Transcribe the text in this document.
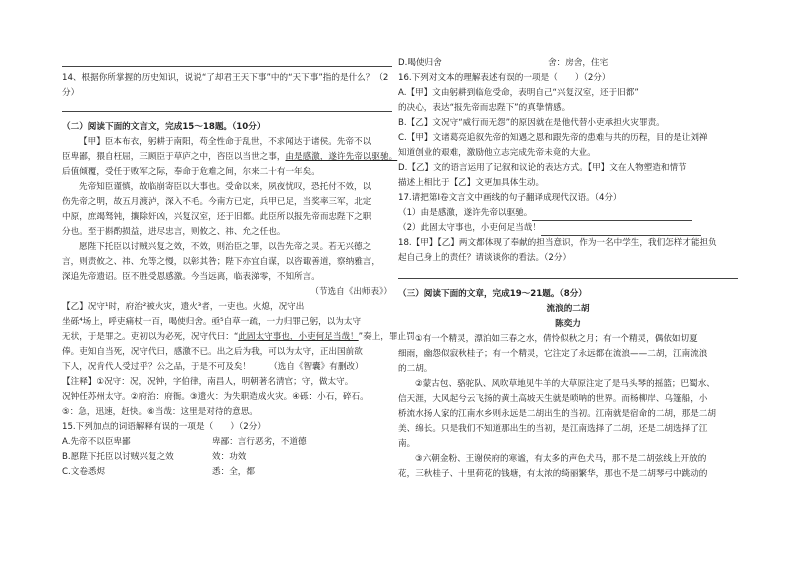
14、根据你所掌握的历史知识，说说“了却君王天下事”中的“天下事”指的是什么？（2分）

（二）阅读下面的文言文，完成15～18题。（10分）

【甲】臣本布衣，躬耕于南阳，苟全性命于乱世，不求闻达于诸侯。先帝不以

臣卑鄙，猥自枉屈，三顾臣于草庐之中，咨臣以当世之事，由是感激，遂许先帝以驱驰。

后值倾覆，受任于败军之际，奉命于危难之间，尔来二十有一年矣。

先帝知臣谨慎，故临崩寄臣以大事也。受命以来，夙夜忧叹，恐托付不效，以

伤先帝之明，故五月渡泸，深入不毛。今南方已定，兵甲已足，当奖率三军，北定

中原，庶竭驽钝，攘除奸凶，兴复汉室，还于旧都。此臣所以报先帝而忠陛下之职

分也。至于斟酌损益，进尽忠言，则攸之、祎、允之任也。

愿陛下托臣以讨贼兴复之效，不效，则治臣之罪，以告先帝之灵。若无兴德之

言，则责攸之、祎、允等之慢，以彰其咎；陛下亦宜自谋，以咨诹善道，察纳雅言，

深追先帝遗诏。臣不胜受恩感激。今当远离，临表涕零，不知所言。

（节选自《出师表》）

【乙】况守¹时，府治²被火灾，遗火³者，一吏也。火熄，况守出

坐砾⁴场上，呼吏痛杖一百，喝使归舍。亟⁵自草一疏，一力归罪己躬，以为太守

无状，于是罪之。吏初以为必死，况守代曰：“此固太守事也，小吏何足当哉！”奏上，罪止罚

俸。吏知自当死，况守代曰，感激不已。出之后为我，可以为太守，正出国前欲

下人，况肯代人受过乎？公之品，于是不可及矣！ （选自《智囊》有删改）

【注释】①况守：况，况钟，字伯律，南昌人，明朝著名清官；守，做太守。

况钟任苏州太守。②府治：府衙。③遗火：为失职造成火灾。④砾：小石，碎石。

⑤：急，迅速，赶快。⑥当哉：这里是对待的意思。

15.下列加点的词语解释有误的一项是（　　）（2分）

A.先帝不以臣卑鄙	卑鄙：言行恶劣，不道德
B.愿陛下托臣以讨贼兴复之效	效：功效
C.文卷悉烬	悉：全，都
D.喝使归舍	舍：房舍，住宅

16.下列对文本的理解表述有误的一项是（　　）（2分）

A.【甲】文由躬耕到临危受命，表明自己“兴复汉室，还于旧都”

的决心，表达“报先帝而忠陛下”的真挚情感。

B.【乙】文况守“威行而无怨”的原因就在是他代替小吏承担火灾罪责。

C.【甲】文诸葛亮追叙先帝的知遇之恩和跟先帝的患难与共的历程，目的是让刘禅

知道创业的艰难，激励他立志完成先帝未竟的大业。

D.【乙】文的语言运用了记叙和议论的表达方式。【甲】文在人物塑造和情节

描述上相比于【乙】文更加具体生动。

17.请把第Ⅰ卷文言文中画线的句子翻译成现代汉语。（4分）

（1）由是感激，遂许先帝以驱驰。

（2）此固太守事也，小吏何足当哉！

18.【甲】【乙】两文都体现了奉献的担当意识，作为一名中学生，我们怎样才能担负

起自己身上的责任？请谈谈你的看法。（2分）

（三）阅读下面的文章，完成19～21题。（8分）

流浪的二胡

陈奕力

①有一个精灵，漂泊如三春之水，倩怜似秋之月；有一个精灵，偶依如切夏

细雨，幽怨似寂秋桂子；有一个精灵，它注定了永远都在流浪——二胡，江南流浪

的二胡。

②蒙古包、骆驼队、风吹草地见牛羊的大草原注定了是马头琴的摇篮；巴蜀水、

信天涯，大风起兮云飞扬的黄土高坡天生就是唢呐的世界。而杨柳岸、乌篷船，小

桥流水扬人家的江南水乡则永远是二胡出生的当初。江南就是宿命的二胡，那是二胡

美、绵长。只是我们不知道那出生的当初，是江南选择了二胡，还是二胡选择了江

南。

③六朝金粉、王谢侯府的寒谧，有太多的声色犬马，那不是二胡弦线上开放的

花，三秋桂子、十里荷花的钱塘，有太浓的绮丽繁华，那也不是二胡琴弓中跳动的
